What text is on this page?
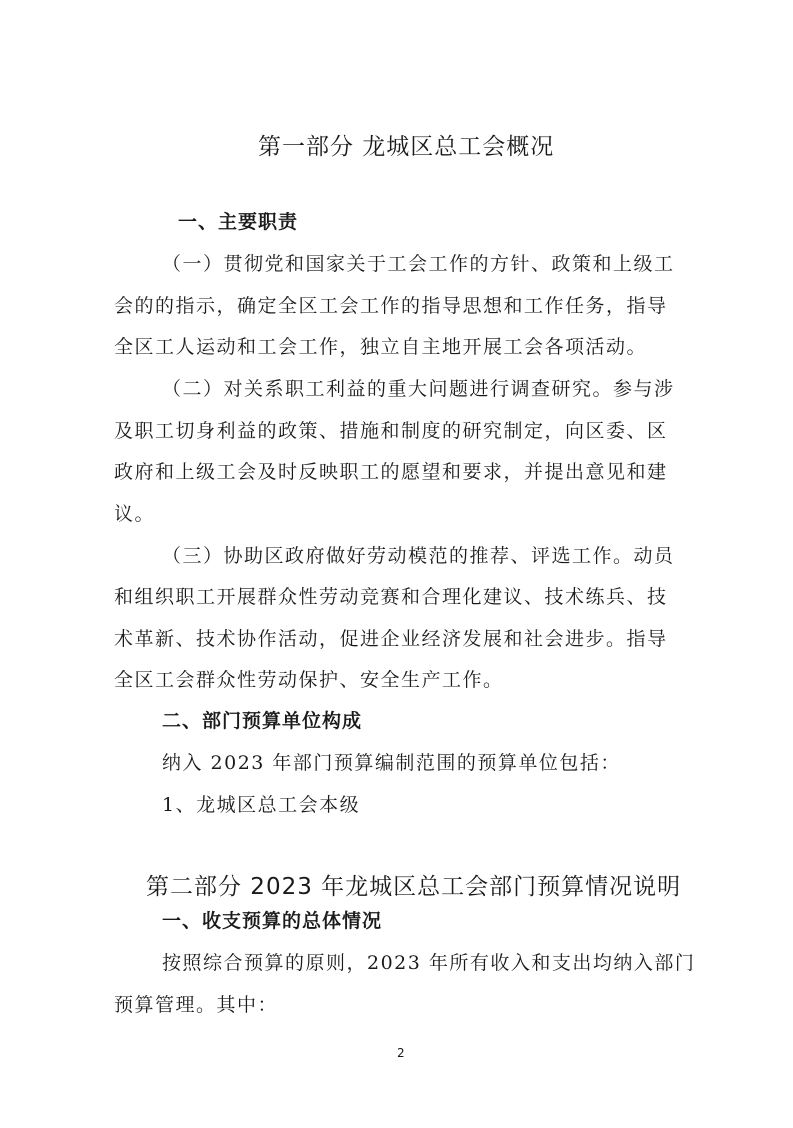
第一部分 龙城区总工会概况
一、主要职责
（一）贯彻党和国家关于工会工作的方针、政策和上级工
会的的指示，确定全区工会工作的指导思想和工作任务，指导
全区工人运动和工会工作，独立自主地开展工会各项活动。
（二）对关系职工利益的重大问题进行调查研究。参与涉
及职工切身利益的政策、措施和制度的研究制定，向区委、区
政府和上级工会及时反映职工的愿望和要求，并提出意见和建
议。
（三）协助区政府做好劳动模范的推荐、评选工作。动员
和组织职工开展群众性劳动竞赛和合理化建议、技术练兵、技
术革新、技术协作活动，促进企业经济发展和社会进步。指导
全区工会群众性劳动保护、安全生产工作。
二、部门预算单位构成
纳入 2023 年部门预算编制范围的预算单位包括：
1、龙城区总工会本级
第二部分 2023 年龙城区总工会部门预算情况说明
一、收支预算的总体情况
按照综合预算的原则，2023 年所有收入和支出均纳入部门
预算管理。其中：
2
